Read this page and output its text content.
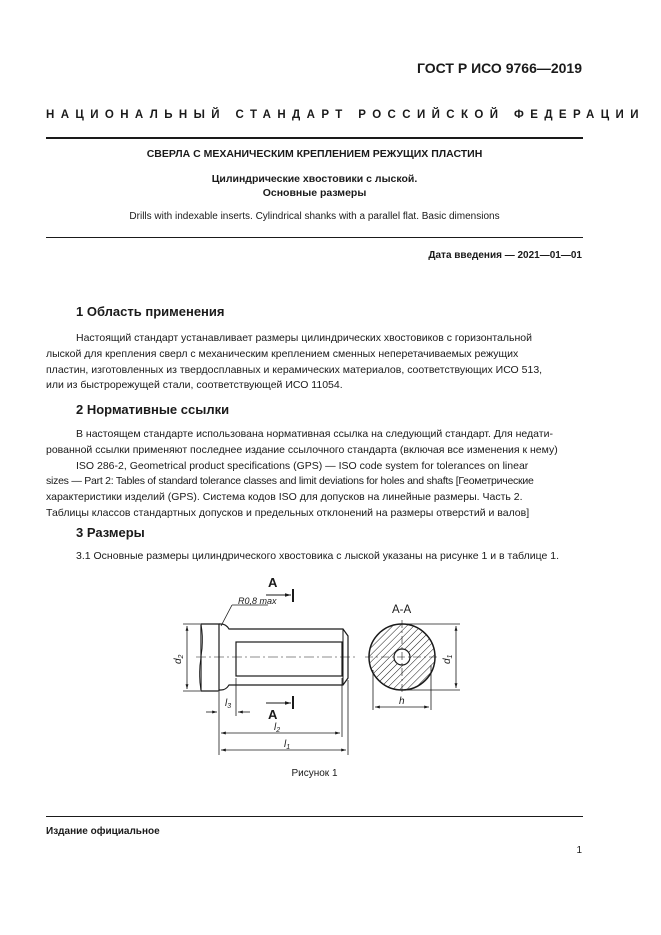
ГОСТ Р ИСО 9766—2019
НАЦИОНАЛЬНЫЙ СТАНДАРТ РОССИЙСКОЙ ФЕДЕРАЦИИ
СВЕРЛА С МЕХАНИЧЕСКИМ КРЕПЛЕНИЕМ РЕЖУЩИХ ПЛАСТИН
Цилиндрические хвостовики с лыской.
Основные размеры
Drills with indexable inserts. Cylindrical shanks with a parallel flat. Basic dimensions
Дата введения — 2021—01—01
1 Область применения
Настоящий стандарт устанавливает размеры цилиндрических хвостовиков с горизонтальной
лыской для крепления сверл с механическим креплением сменных неперетачиваемых режущих
пластин, изготовленных из твердосплавных и керамических материалов, соответствующих ИСО 513,
или из быстрорежущей стали, соответствующей ИСО 11054.
2 Нормативные ссылки
В настоящем стандарте использована нормативная ссылка на следующий стандарт. Для недати-
рованной ссылки применяют последнее издание ссылочного стандарта (включая все изменения к нему)
ISO 286-2, Geometrical product specifications (GPS) — ISO code system for tolerances on linear
sizes — Part 2: Tables of standard tolerance classes and limit deviations for holes and shafts [Геометрические
характеристики изделий (GPS). Система кодов ISO для допусков на линейные размеры. Часть 2.
Таблицы классов стандартных допусков и предельных отклонений на размеры отверстий и валов]
3 Размеры
3.1 Основные размеры цилиндрического хвостовика с лыской указаны на рисунке 1 и в таблице 1.
A
A
A-A
R0,8 max
$d_2$
$d_1$
h
$l_1$
$l_2$
$l_3$
Рисунок 1
Издание официальное
1
